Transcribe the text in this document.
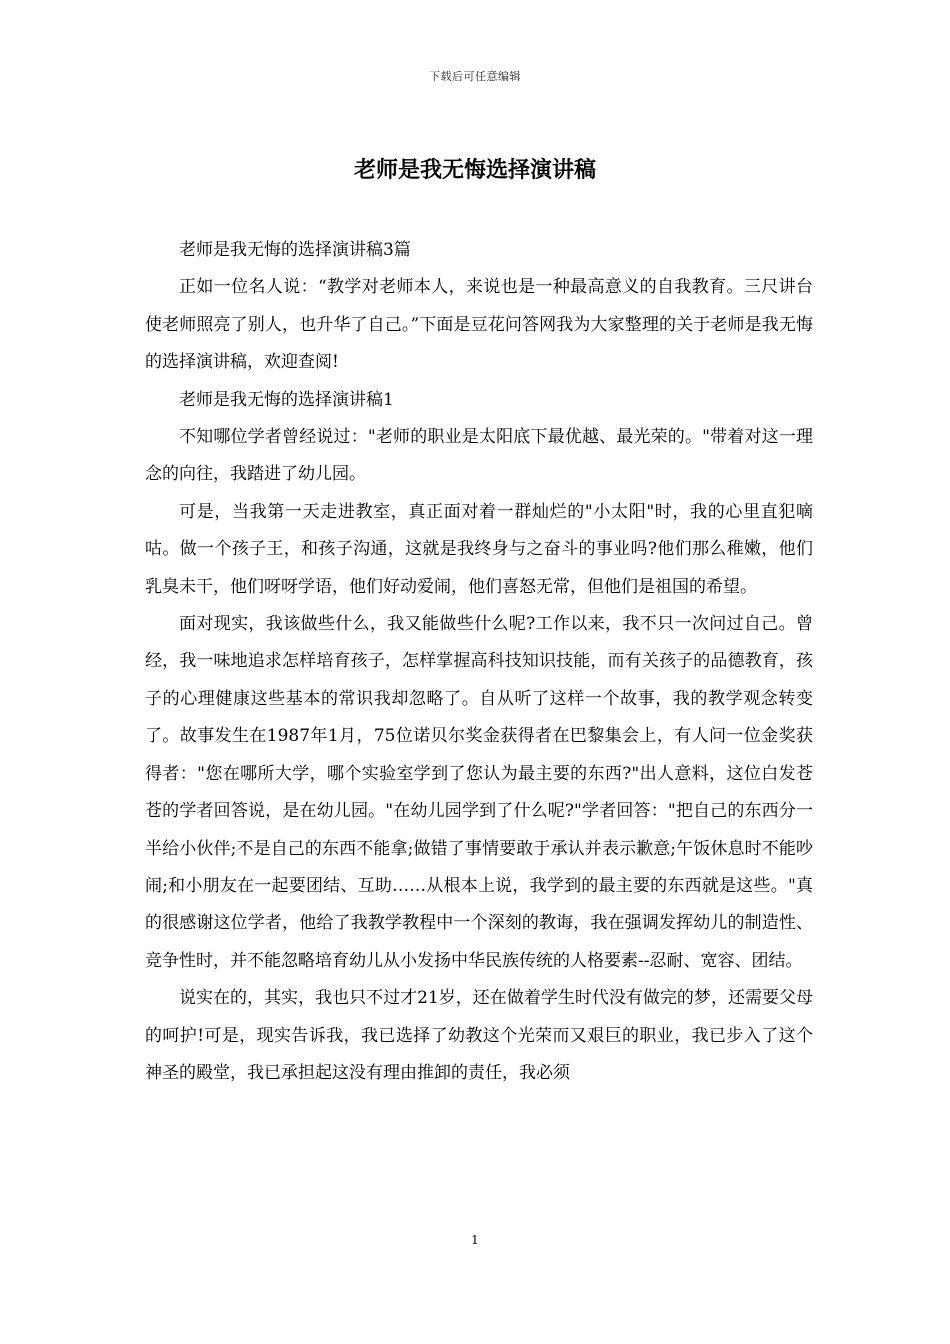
下载后可任意编辑
老师是我无悔选择演讲稿

老师是我无悔的选择演讲稿3篇

正如一位名人说：“教学对老师本人，来说也是一种最高意义的自我教育。三尺讲台使老师照亮了别人，也升华了自己。”下面是豆花问答网我为大家整理的关于老师是我无悔的选择演讲稿，欢迎查阅!

老师是我无悔的选择演讲稿1

不知哪位学者曾经说过："老师的职业是太阳底下最优越、最光荣的。"带着对这一理念的向往，我踏进了幼儿园。

可是，当我第一天走进教室，真正面对着一群灿烂的"小太阳"时，我的心里直犯嘀咕。做一个孩子王，和孩子沟通，这就是我终身与之奋斗的事业吗?他们那么稚嫩，他们乳臭未干，他们呀呀学语，他们好动爱闹，他们喜怒无常，但他们是祖国的希望。

面对现实，我该做些什么，我又能做些什么呢?工作以来，我不只一次问过自己。曾经，我一味地追求怎样培育孩子，怎样掌握高科技知识技能，而有关孩子的品德教育，孩子的心理健康这些基本的常识我却忽略了。自从听了这样一个故事，我的教学观念转变了。故事发生在1987年1月，75位诺贝尔奖金获得者在巴黎集会上，有人问一位金奖获得者："您在哪所大学，哪个实验室学到了您认为最主要的东西?"出人意料，这位白发苍苍的学者回答说，是在幼儿园。"在幼儿园学到了什么呢?"学者回答："把自己的东西分一半给小伙伴;不是自己的东西不能拿;做错了事情要敢于承认并表示歉意;午饭休息时不能吵闹;和小朋友在一起要团结、互助……从根本上说，我学到的最主要的东西就是这些。"真的很感谢这位学者，他给了我教学教程中一个深刻的教诲，我在强调发挥幼儿的制造性、竞争性时，并不能忽略培育幼儿从小发扬中华民族传统的人格要素--忍耐、宽容、团结。

说实在的，其实，我也只不过才21岁，还在做着学生时代没有做完的梦，还需要父母的呵护!可是，现实告诉我，我已选择了幼教这个光荣而又艰巨的职业，我已步入了这个神圣的殿堂，我已承担起这没有理由推卸的责任，我必须

1
